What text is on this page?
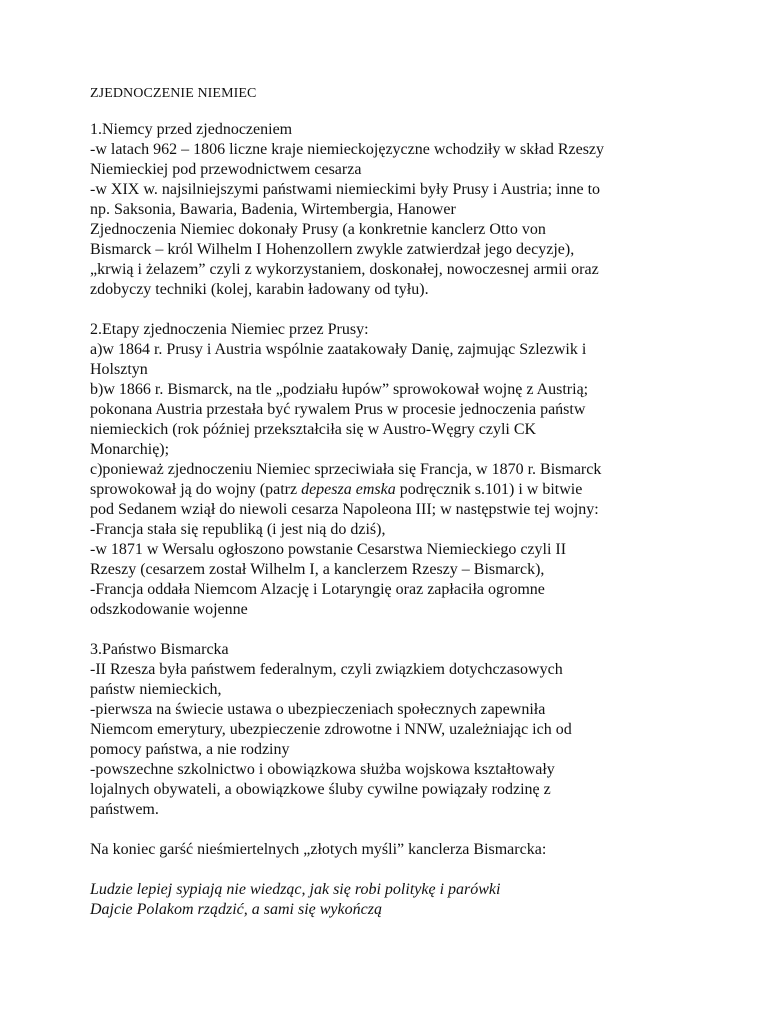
ZJEDNOCZENIE NIEMIEC
1.Niemcy przed zjednoczeniem
-w latach 962 – 1806 liczne kraje niemieckojęzyczne wchodziły w skład Rzeszy
Niemieckiej pod przewodnictwem cesarza
-w XIX w. najsilniejszymi państwami niemieckimi były Prusy i Austria; inne to
np. Saksonia, Bawaria, Badenia, Wirtembergia, Hanower
Zjednoczenia Niemiec dokonały Prusy (a konkretnie kanclerz Otto von
Bismarck – król Wilhelm I Hohenzollern zwykle zatwierdzał jego decyzje),
„krwią i żelazem” czyli z wykorzystaniem, doskonałej, nowoczesnej armii oraz
zdobyczy techniki (kolej, karabin ładowany od tyłu).
2.Etapy zjednoczenia Niemiec przez Prusy:
a)w 1864 r. Prusy i Austria wspólnie zaatakowały Danię, zajmując Szlezwik i
Holsztyn
b)w 1866 r. Bismarck, na tle „podziału łupów” sprowokował wojnę z Austrią;
pokonana Austria przestała być rywalem Prus w procesie jednoczenia państw
niemieckich (rok później przekształciła się w Austro-Węgry czyli CK
Monarchię);
c)ponieważ zjednoczeniu Niemiec sprzeciwiała się Francja, w 1870 r. Bismarck
sprowokował ją do wojny (patrz depesza emska podręcznik s.101) i w bitwie
pod Sedanem wziął do niewoli cesarza Napoleona III; w następstwie tej wojny:
-Francja stała się republiką (i jest nią do dziś),
-w 1871 w Wersalu ogłoszono powstanie Cesarstwa Niemieckiego czyli II
Rzeszy (cesarzem został Wilhelm I, a kanclerzem Rzeszy – Bismarck),
-Francja oddała Niemcom Alzację i Lotaryngię oraz zapłaciła ogromne
odszkodowanie wojenne
3.Państwo Bismarcka
-II Rzesza była państwem federalnym, czyli związkiem dotychczasowych
państw niemieckich,
-pierwsza na świecie ustawa o ubezpieczeniach społecznych zapewniła
Niemcom emerytury, ubezpieczenie zdrowotne i NNW, uzależniając ich od
pomocy państwa, a nie rodziny
-powszechne szkolnictwo i obowiązkowa służba wojskowa kształtowały
lojalnych obywateli, a obowiązkowe śluby cywilne powiązały rodzinę z
państwem.
Na koniec garść nieśmiertelnych „złotych myśli” kanclerza Bismarcka:
Ludzie lepiej sypiają nie wiedząc, jak się robi politykę i parówki
Dajcie Polakom rządzić, a sami się wykończą
